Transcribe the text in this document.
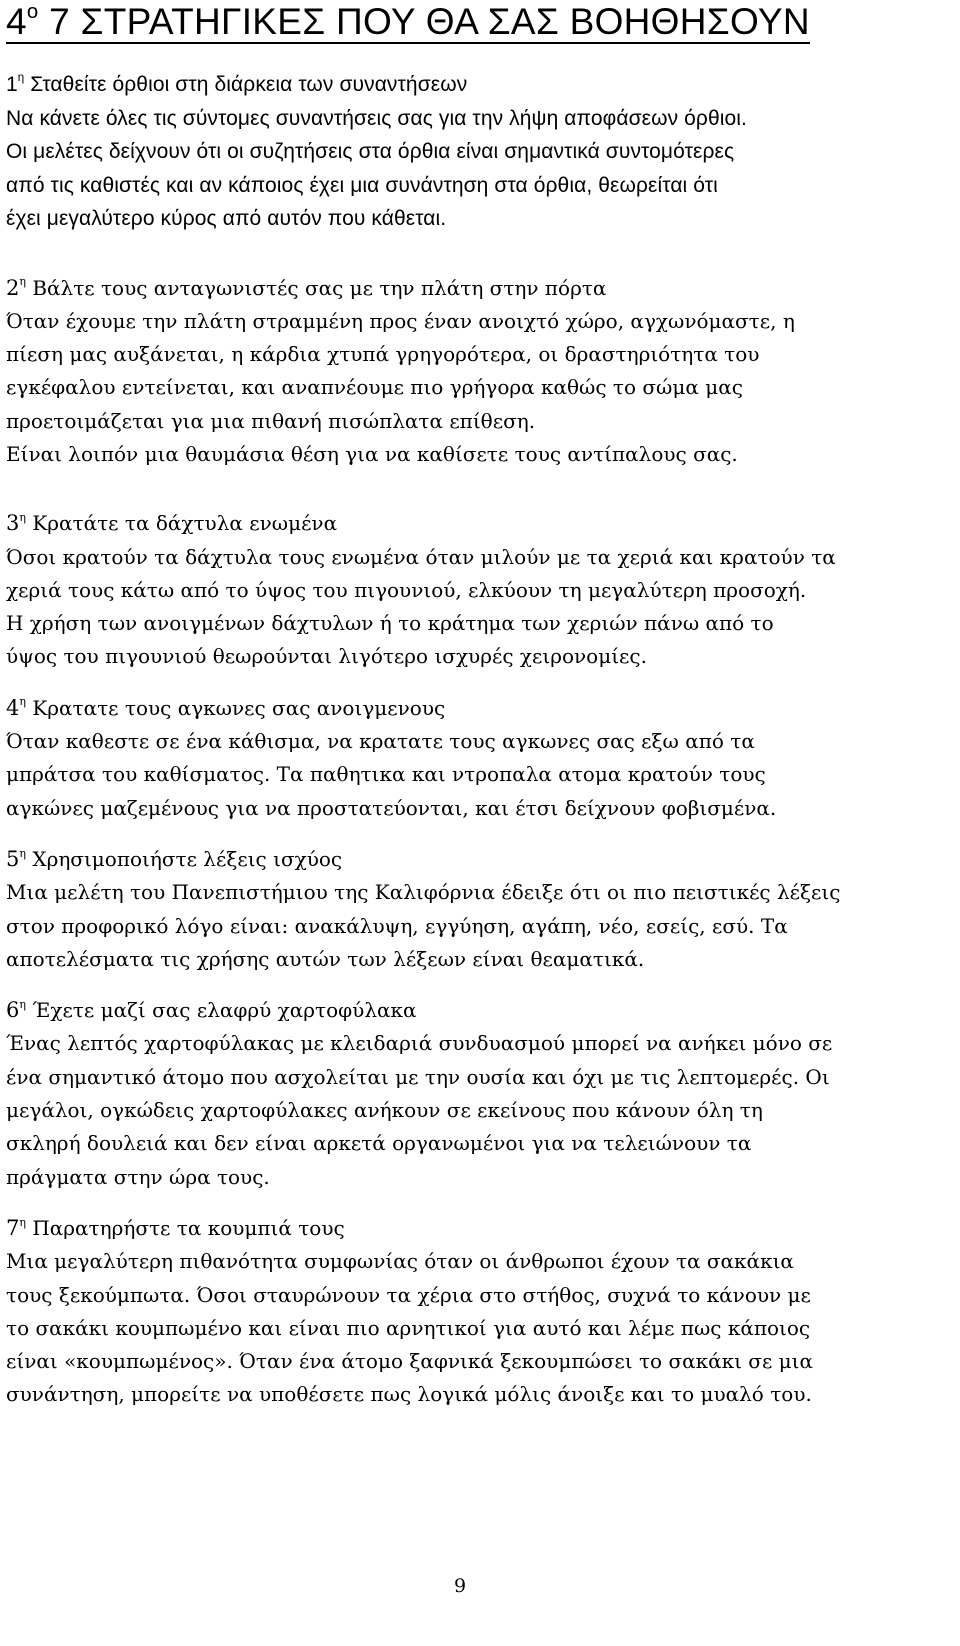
$4^o$ 7 ΣΤΡΑΤΗΓΙΚΕΣ ΠΟΥ ΘΑ ΣΑΣ ΒΟΗΘΗΣΟΥΝ
$1^\eta$ Σταθείτε όρθιοι στη διάρκεια των συναντήσεων
Να κάνετε όλες τις σύντομες συναντήσεις σας για την λήψη αποφάσεων όρθιοι.
Οι μελέτες δείχνουν ότι οι συζητήσεις στα όρθια είναι σημαντικά συντομότερες
από τις καθιστές και αν κάποιος έχει μια συνάντηση στα όρθια, θεωρείται ότι
έχει μεγαλύτερο κύρος από αυτόν που κάθεται.
$2^\eta$ Βάλτε τους ανταγωνιστές σας με την πλάτη στην πόρτα
Όταν έχουμε την πλάτη στραμμένη προς έναν ανοιχτό χώρο, αγχωνόμαστε, η
πίεση μας αυξάνεται, η κάρδια χτυπά γρηγορότερα, οι δραστηριότητα του
εγκέφαλου εντείνεται, και αναπνέουμε πιο γρήγορα καθώς το σώμα μας
προετοιμάζεται για μια πιθανή πισώπλατα επίθεση.
Είναι λοιπόν μια θαυμάσια θέση για να καθίσετε τους αντίπαλους σας.
$3^\eta$ Κρατάτε τα δάχτυλα ενωμένα
Όσοι κρατούν τα δάχτυλα τους ενωμένα όταν μιλούν με τα χεριά και κρατούν τα
χεριά τους κάτω από το ύψος του πιγουνιού, ελκύουν τη μεγαλύτερη προσοχή.
Η χρήση των ανοιγμένων δάχτυλων ή το κράτημα των χεριών πάνω από το
ύψος του πιγουνιού θεωρούνται λιγότερο ισχυρές χειρονομίες.
$4^\eta$ Κρατατε τους αγκωνες σας ανοιγμενους
Όταν καθεστε σε ένα κάθισμα, να κρατατε τους αγκωνες σας εξω από τα
μπράτσα του καθίσματος. Τα παθητικα και ντροπαλα ατομα κρατούν τους
αγκώνες μαζεμένους για να προστατεύονται, και έτσι δείχνουν φοβισμένα.
$5^\eta$ Χρησιμοποιήστε λέξεις ισχύος
Μια μελέτη του Πανεπιστήμιου της Καλιφόρνια έδειξε ότι οι πιο πειστικές λέξεις
στον προφορικό λόγο είναι: ανακάλυψη, εγγύηση, αγάπη, νέο, εσείς, εσύ. Τα
αποτελέσματα τις χρήσης αυτών των λέξεων είναι θεαματικά.
$6^\eta$ Έχετε μαζί σας ελαφρύ χαρτοφύλακα
Ένας λεπτός χαρτοφύλακας με κλειδαριά συνδυασμού μπορεί να ανήκει μόνο σε
ένα σημαντικό άτομο που ασχολείται με την ουσία και όχι με τις λεπτομερές. Οι
μεγάλοι, ογκώδεις χαρτοφύλακες ανήκουν σε εκείνους που κάνουν όλη τη
σκληρή δουλειά και δεν είναι αρκετά οργανωμένοι για να τελειώνουν τα
πράγματα στην ώρα τους.
$7^\eta$ Παρατηρήστε τα κουμπιά τους
Μια μεγαλύτερη πιθανότητα συμφωνίας όταν οι άνθρωποι έχουν τα σακάκια
τους ξεκούμπωτα. Όσοι σταυρώνουν τα χέρια στο στήθος, συχνά το κάνουν με
το σακάκι κουμπωμένο και είναι πιο αρνητικοί για αυτό και λέμε πως κάποιος
είναι «κουμπωμένος». Όταν ένα άτομο ξαφνικά ξεκουμπώσει το σακάκι σε μια
συνάντηση, μπορείτε να υποθέσετε πως λογικά μόλις άνοιξε και τo μυαλό του.
9
